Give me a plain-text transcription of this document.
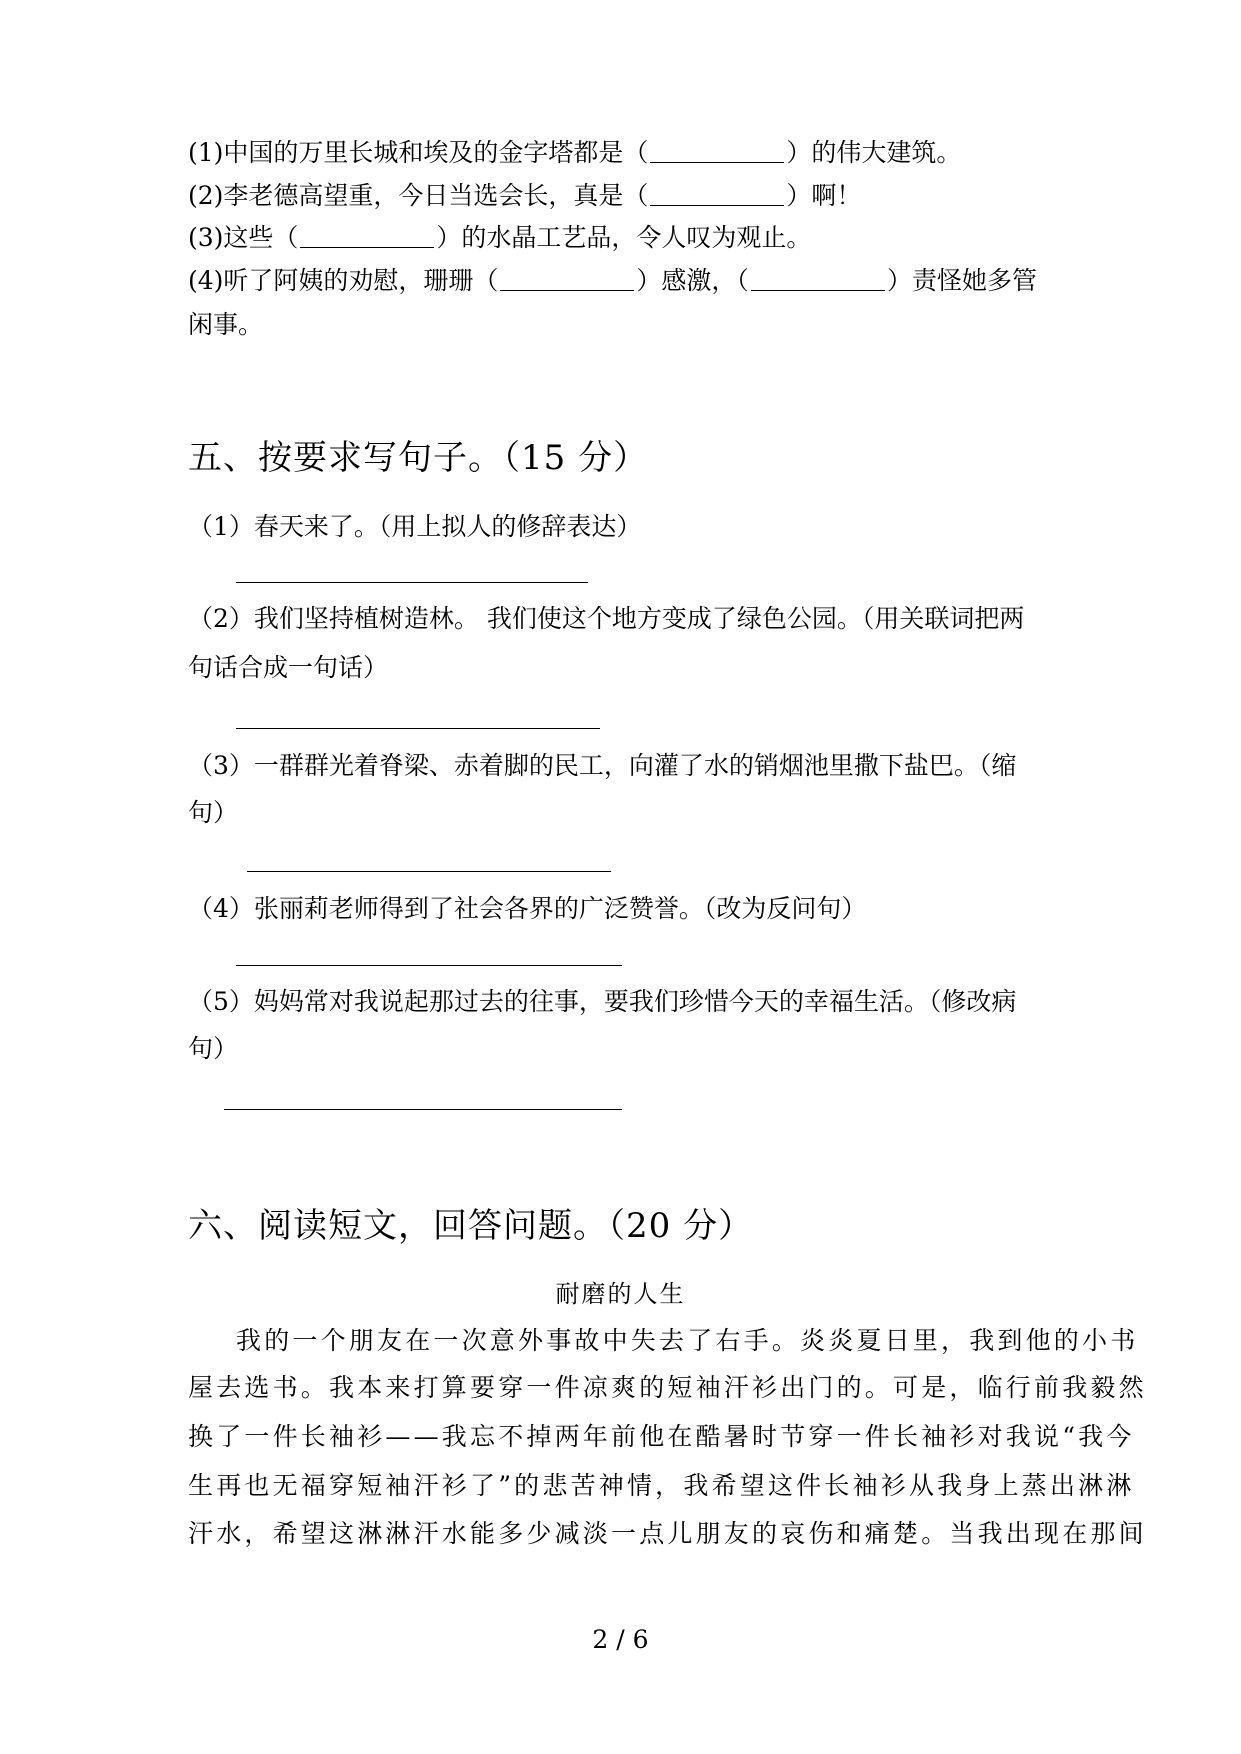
(1)中国的万里长城和埃及的金字塔都是（	）的伟大建筑。
(2)李老德高望重，今日当选会长，真是（	）啊！
(3)这些（	）的水晶工艺品，令人叹为观止。
(4)听了阿姨的劝慰，珊珊（	）感激，（	）责怪她多管
闲事。
五、按要求写句子。（15 分）
（1）春天来了。（用上拟人的修辞表达）
（2）我们坚持植树造林。 我们使这个地方变成了绿色公园。（用关联词把两
句话合成一句话）
（3）一群群光着脊梁、赤着脚的民工，向灌了水的销烟池里撒下盐巴。（缩
句）
（4）张丽莉老师得到了社会各界的广泛赞誉。（改为反问句）
（5）妈妈常对我说起那过去的往事，要我们珍惜今天的幸福生活。（修改病
句）
六、阅读短文，回答问题。（20 分）
耐磨的人生
我的一个朋友在一次意外事故中失去了右手。炎炎夏日里，我到他的小书
屋去选书。我本来打算要穿一件凉爽的短袖汗衫出门的。可是，临行前我毅然
换了一件长袖衫——我忘不掉两年前他在酷暑时节穿一件长袖衫对我说“我今
生再也无福穿短袖汗衫了”的悲苦神情，我希望这件长袖衫从我身上蒸出淋淋
汗水，希望这淋淋汗水能多少减淡一点儿朋友的哀伤和痛楚。当我出现在那间
2 / 6
